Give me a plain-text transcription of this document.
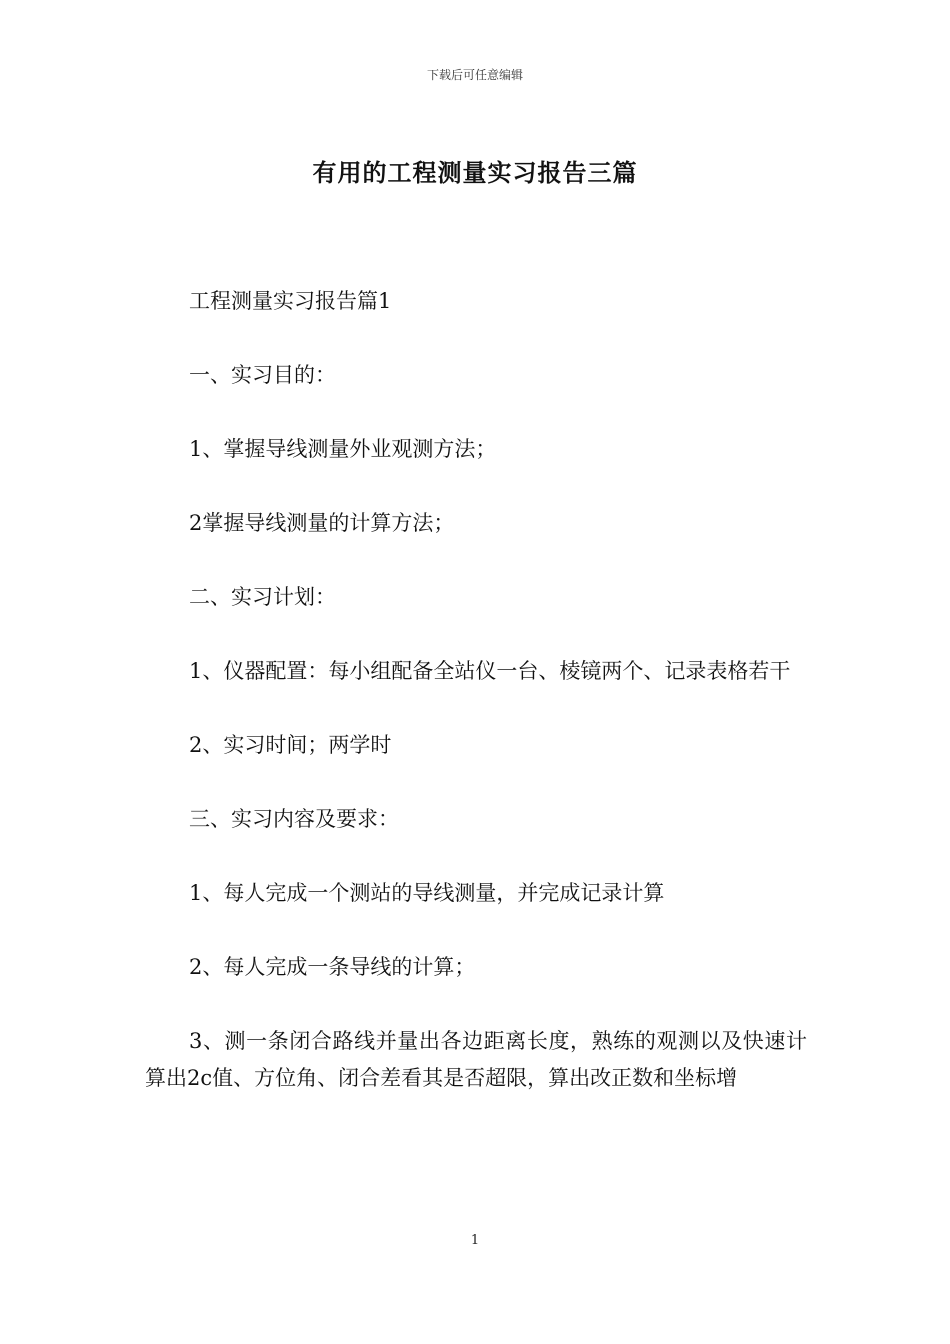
下载后可任意编辑
有用的工程测量实习报告三篇

工程测量实习报告篇1

一、实习目的：

1、掌握导线测量外业观测方法；

2掌握导线测量的计算方法；

二、实习计划：

1、仪器配置：每小组配备全站仪一台、棱镜两个、记录表格若干

2、实习时间；两学时

三、实习内容及要求：

1、每人完成一个测站的导线测量，并完成记录计算

2、每人完成一条导线的计算；

3、测一条闭合路线并量出各边距离长度，熟练的观测以及快速计算出2c值、方位角、闭合差看其是否超限，算出改正数和坐标增

1
